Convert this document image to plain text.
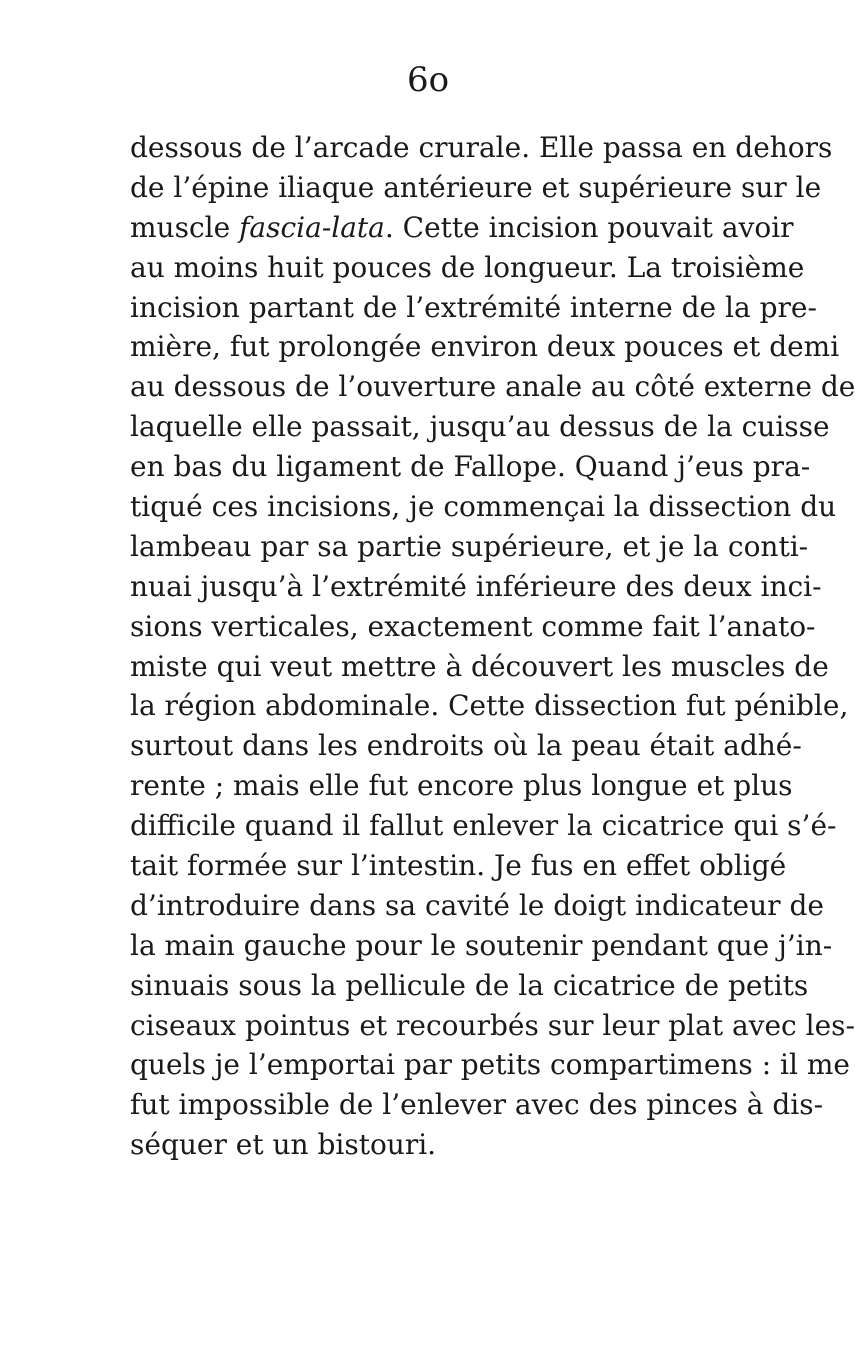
6o
dessous de l’arcade crurale. Elle passa en dehors
de l’épine iliaque antérieure et supérieure sur le
muscle fascia-lata. Cette incision pouvait avoir
au moins huit pouces de longueur. La troisième
incision partant de l’extrémité interne de la pre-
mière, fut prolongée environ deux pouces et demi
au dessous de l’ouverture anale au côté externe de
laquelle elle passait, jusqu’au dessus de la cuisse
en bas du ligament de Fallope. Quand j’eus pra-
tiqué ces incisions, je commençai la dissection du
lambeau par sa partie supérieure, et je la conti-
nuai jusqu’à l’extrémité inférieure des deux inci-
sions verticales, exactement comme fait l’anato-
miste qui veut mettre à découvert les muscles de
la région abdominale. Cette dissection fut pénible,
surtout dans les endroits où la peau était adhé-
rente ; mais elle fut encore plus longue et plus
difficile quand il fallut enlever la cicatrice qui s’é-
tait formée sur l’intestin. Je fus en effet obligé
d’introduire dans sa cavité le doigt indicateur de
la main gauche pour le soutenir pendant que j’in-
sinuais sous la pellicule de la cicatrice de petits
ciseaux pointus et recourbés sur leur plat avec les-
quels je l’emportai par petits compartimens : il me
fut impossible de l’enlever avec des pinces à dis-
séquer et un bistouri.
